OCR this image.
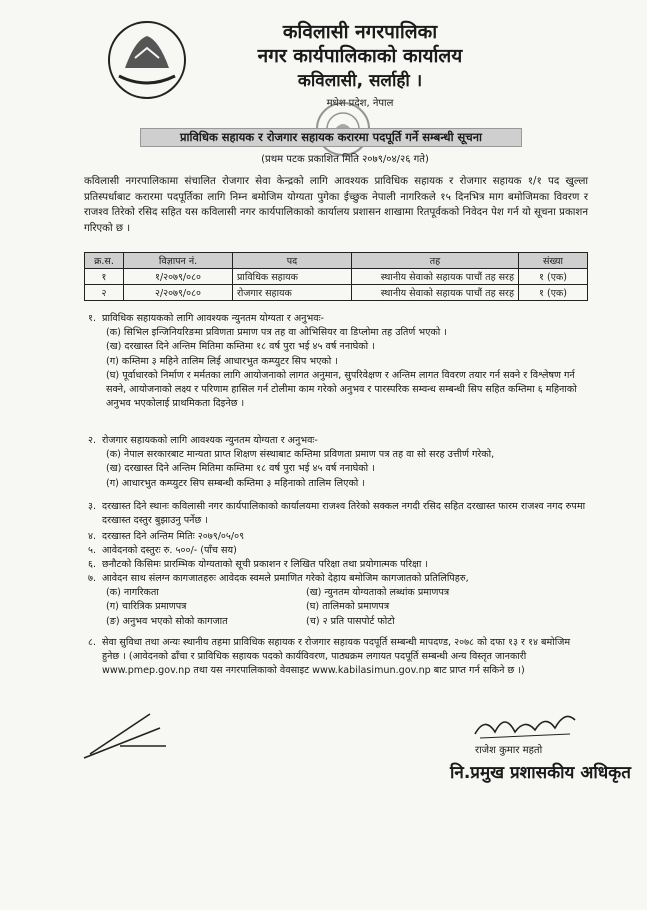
कविलासी नगरपालिका
नगर कार्यपालिकाको कार्यालय
कविलासी, सर्लाही ।
मधेश प्रदेश, नेपाल
प्राविधिक सहायक र रोजगार सहायक करारमा पदपूर्ति गर्ने सम्बन्धी सूचना
(प्रथम पटक प्रकाशित मिति २०७९/०४/२६ गते)

कविलासी नगरपालिकामा संचालित रोजगार सेवा केन्द्रको लागि आवश्यक प्राविधिक सहायक र रोजगार सहायक १/१ पद खुल्ला प्रतिस्पर्धाबाट करारमा पदपूर्तिका लागि निम्न बमोजिम योग्यता पुगेका ईच्छुक नेपाली नागरिकले १५ दिनभित्र माग बमोजिमका विवरण र राजश्व तिरेको रसिद सहित यस कविलासी नगर कार्यपालिकाको कार्यालय प्रशासन शाखामा रितपूर्वकको निवेदन पेश गर्न यो सूचना प्रकाशन गरिएको छ ।

क्र.स.	विज्ञापन नं.	पद	तह	संख्या
१	१/२०७९/०८०	प्राविधिक सहायक	स्थानीय सेवाको सहायक पाचौं तह सरह	१ (एक)
२	२/२०७९/०८०	रोजगार सहायक	स्थानीय सेवाको सहायक पाचौं तह सरह	१ (एक)
१. प्राविधिक सहायकको लागि आवश्यक न्युनतम योग्यता र अनुभवः-
(क) सिभिल इन्जिनियरिङमा प्रविणता प्रमाण पत्र तह वा ओभिसियर वा डिप्लोमा तह उतिर्ण भएको ।
(ख) दरखास्त दिने अन्तिम मितिमा कम्तिमा १८ वर्ष पुरा भई ४५ वर्ष ननाघेको ।
(ग) कम्तिमा ३ महिने तालिम लिई आधारभुत कम्प्युटर सिप भएको ।
(घ) पूर्वाधारको निर्माण र मर्मतका लागि आयोजनाको लागत अनुमान, सुपरिवेक्षण र अन्तिम लागत विवरण तयार गर्न सक्ने र विश्लेषण गर्न सक्ने, आयोजनाको लक्ष्य र परिणाम हासिल गर्न टोलीमा काम गरेको अनुभव र पारस्परिक सम्वन्ध सम्बन्धी सिप सहित कम्तिमा ६ महिनाको अनुभव भएकोलाई प्राथमिकता दिइनेछ ।
२. रोजगार सहायकको लागि आवश्यक न्युनतम योग्यता र अनुभवः-
(क) नेपाल सरकारबाट मान्यता प्राप्त शिक्षण संस्थाबाट कम्तिमा प्रविणता प्रमाण पत्र तह वा सो सरह उत्तीर्ण गरेको,
(ख) दरखास्त दिने अन्तिम मितिमा कम्तिमा १८ वर्ष पुरा भई ४५ वर्ष ननाघेको ।
(ग) आधारभुत कम्प्युटर सिप सम्बन्धी कम्तिमा ३ महिनाको तालिम लिएको ।
३. दरखास्त दिने स्थानः कविलासी नगर कार्यपालिकाको कार्यालयमा राजश्व तिरेको सक्कल नगदी रसिद सहित दरखास्त फारम राजश्व नगद रुपमा दरखास्त दस्तुर बुझाउनु पर्नेछ ।
४. दरखास्त दिने अन्तिम मितिः २०७९/०५/०९
५. आवेदनको दस्तुरः रु. ५००/- (पाँच सय)
६. छनौटको किसिमः प्रारम्भिक योग्यताको सूची प्रकाशन र लिखित परिक्षा तथा प्रयोगात्मक परिक्षा ।
७. आवेदन साथ संलग्न कागजातहरुः आवेदक स्वमले प्रमाणित गरेको देहाय बमोजिम कागजातको प्रतिलिपिहरु,
(क) नागरिकता	(ख) न्युनतम योग्यताको लब्धांक प्रमाणपत्र
(ग) चारित्रिक प्रमाणपत्र	(घ) तालिमको प्रमाणपत्र
(ङ) अनुभव भएको सोको कागजात	(च) २ प्रति पासपोर्ट फोटो
८. सेवा सुविधा तथा अन्यः स्थानीय तहमा प्राविधिक सहायक र रोजगार सहायक पदपूर्ति सम्बन्धी मापदण्ड, २०७८ को दफा १३ र १४ बमोजिम हुनेछ । (आवेदनको ढाँचा र प्राविधिक सहायक पदको कार्यविवरण, पाठ्यक्रम लगायत पदपूर्ति सम्बन्धी अन्य विस्तृत जानकारी www.pmep.gov.np तथा यस नगरपालिकाको वेवसाइट www.kabilasimun.gov.np बाट प्राप्त गर्न सकिने छ ।)
राजेश कुमार महतो
नि.प्रमुख प्रशासकीय अधिकृत
